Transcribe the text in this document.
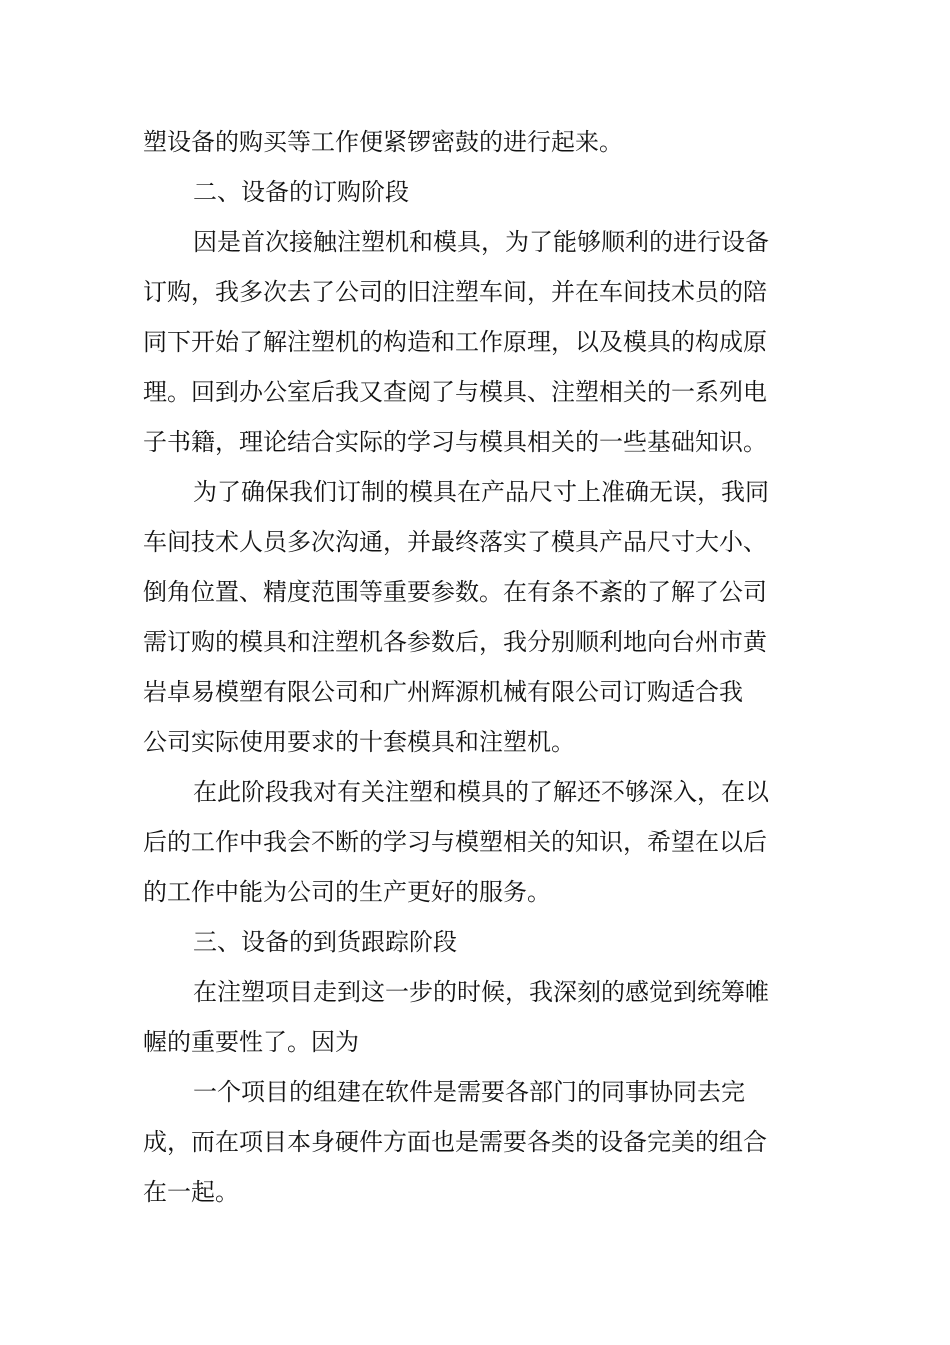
塑设备的购买等工作便紧锣密鼓的进行起来。
二、设备的订购阶段
因是首次接触注塑机和模具，为了能够顺利的进行设备
订购，我多次去了公司的旧注塑车间，并在车间技术员的陪
同下开始了解注塑机的构造和工作原理，以及模具的构成原
理。回到办公室后我又查阅了与模具、注塑相关的一系列电
子书籍，理论结合实际的学习与模具相关的一些基础知识。
为了确保我们订制的模具在产品尺寸上准确无误，我同
车间技术人员多次沟通，并最终落实了模具产品尺寸大小、
倒角位置、精度范围等重要参数。在有条不紊的了解了公司
需订购的模具和注塑机各参数后，我分别顺利地向台州市黄
岩卓易模塑有限公司和广州辉源机械有限公司订购适合我
公司实际使用要求的十套模具和注塑机。
在此阶段我对有关注塑和模具的了解还不够深入，在以
后的工作中我会不断的学习与模塑相关的知识，希望在以后
的工作中能为公司的生产更好的服务。
三、设备的到货跟踪阶段
在注塑项目走到这一步的时候，我深刻的感觉到统筹帷
幄的重要性了。因为
一个项目的组建在软件是需要各部门的同事协同去完
成，而在项目本身硬件方面也是需要各类的设备完美的组合
在一起。
